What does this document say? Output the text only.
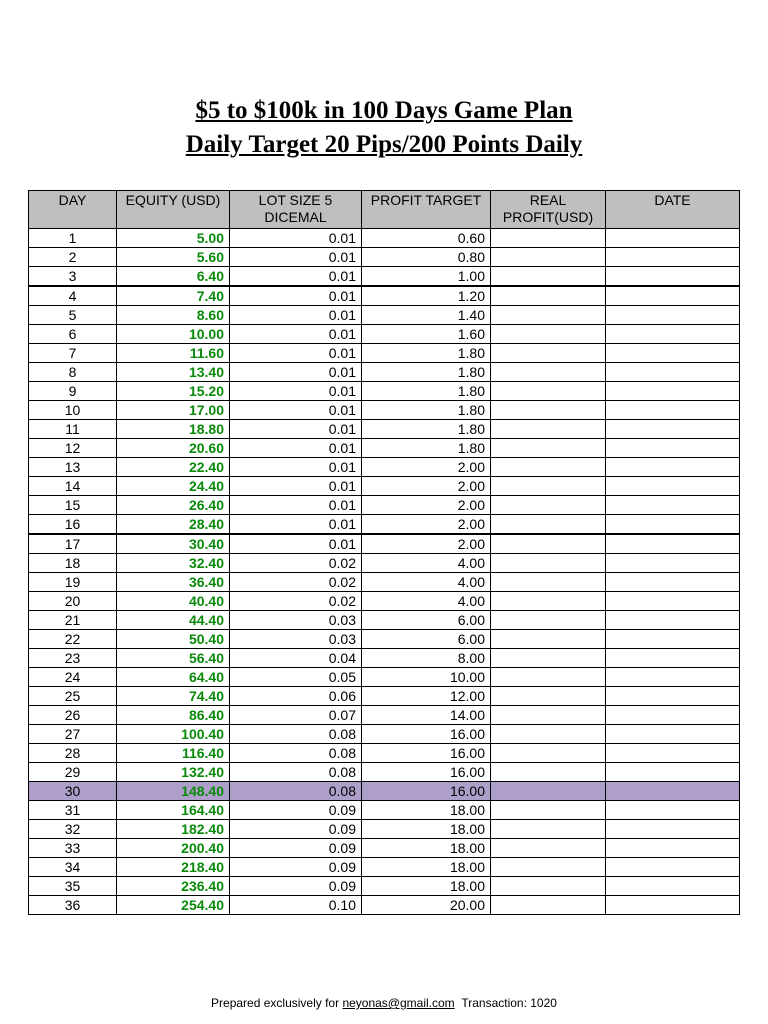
$5 to $100k in 100 Days Game Plan
Daily Target 20 Pips/200 Points Daily
DAY	EQUITY (USD)	LOT SIZE 5 DICEMAL	PROFIT TARGET	REAL PROFIT(USD)	DATE
1	5.00	0.01	0.60		
2	5.60	0.01	0.80		
3	6.40	0.01	1.00		
4	7.40	0.01	1.20		
5	8.60	0.01	1.40		
6	10.00	0.01	1.60		
7	11.60	0.01	1.80		
8	13.40	0.01	1.80		
9	15.20	0.01	1.80		
10	17.00	0.01	1.80		
11	18.80	0.01	1.80		
12	20.60	0.01	1.80		
13	22.40	0.01	2.00		
14	24.40	0.01	2.00		
15	26.40	0.01	2.00		
16	28.40	0.01	2.00		
17	30.40	0.01	2.00		
18	32.40	0.02	4.00		
19	36.40	0.02	4.00		
20	40.40	0.02	4.00		
21	44.40	0.03	6.00		
22	50.40	0.03	6.00		
23	56.40	0.04	8.00		
24	64.40	0.05	10.00		
25	74.40	0.06	12.00		
26	86.40	0.07	14.00		
27	100.40	0.08	16.00		
28	116.40	0.08	16.00		
29	132.40	0.08	16.00		
30	148.40	0.08	16.00		
31	164.40	0.09	18.00		
32	182.40	0.09	18.00		
33	200.40	0.09	18.00		
34	218.40	0.09	18.00		
35	236.40	0.09	18.00		
36	254.40	0.10	20.00		
Prepared exclusively for neyonas@gmail.com Transaction: 1020
